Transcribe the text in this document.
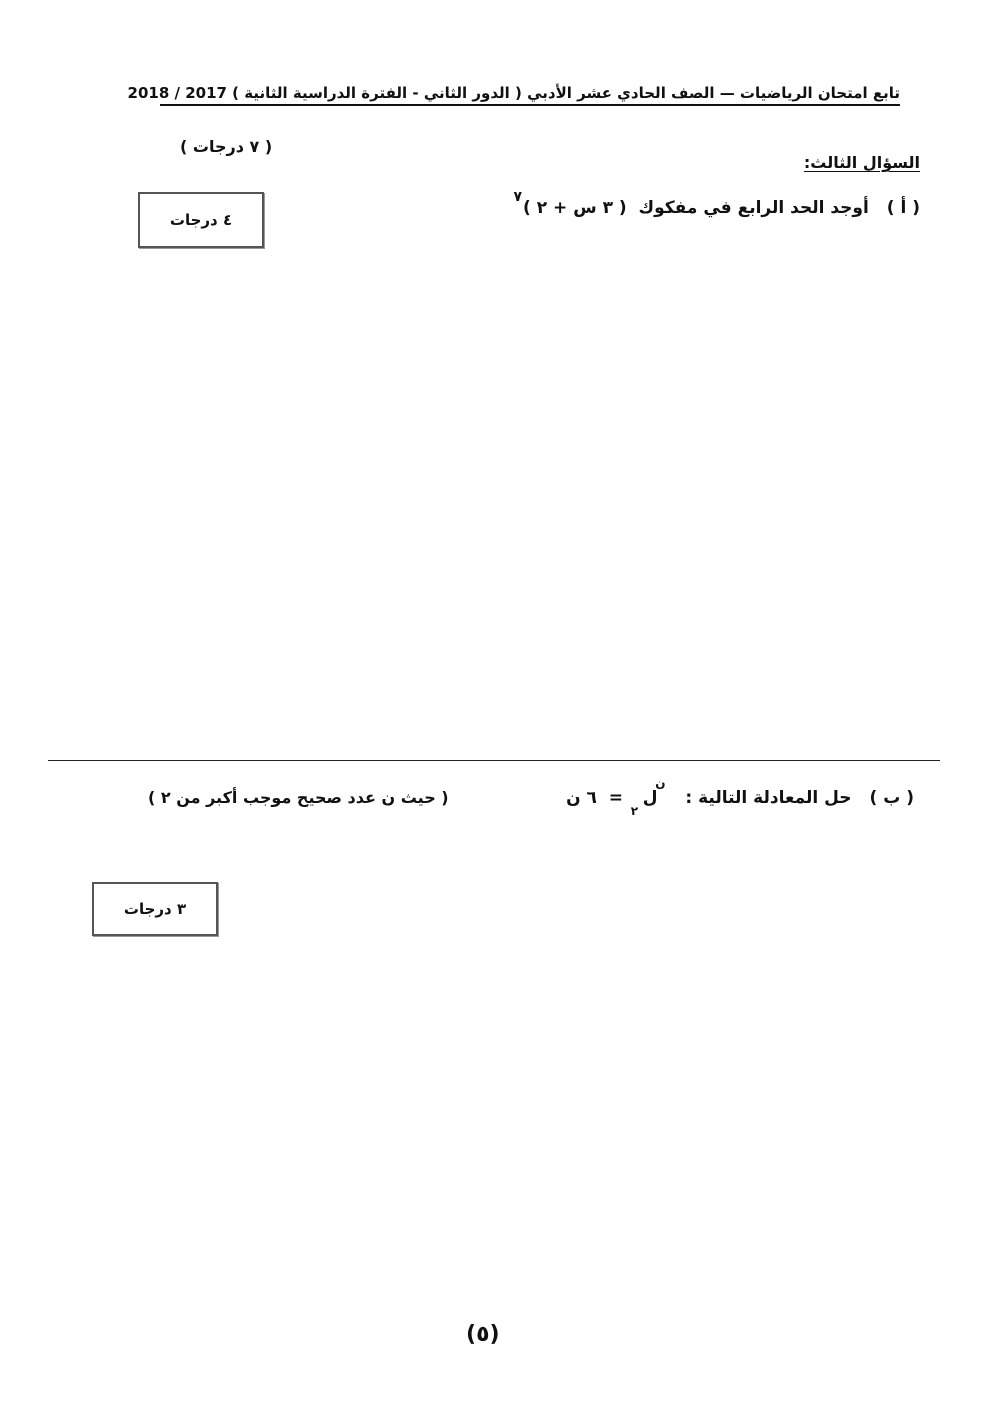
تابع امتحان الرياضيات — الصف الحادي عشر الأدبي ( الدور الثاني - الفترة الدراسية الثانية ) 2017 / 2018
( ٧ درجات )
السؤال الثالث:
( أ )أوجد الحد الرابع في مفكوك  ( ٣ س + ٢ )$^٧$
٤ درجات
( ب )حل المعادلة التالية :  ل
ن
٢
=  ٦ ن
( حيث ن عدد صحيح موجب أكبر من ٢ )
٣ درجات
(٥)
